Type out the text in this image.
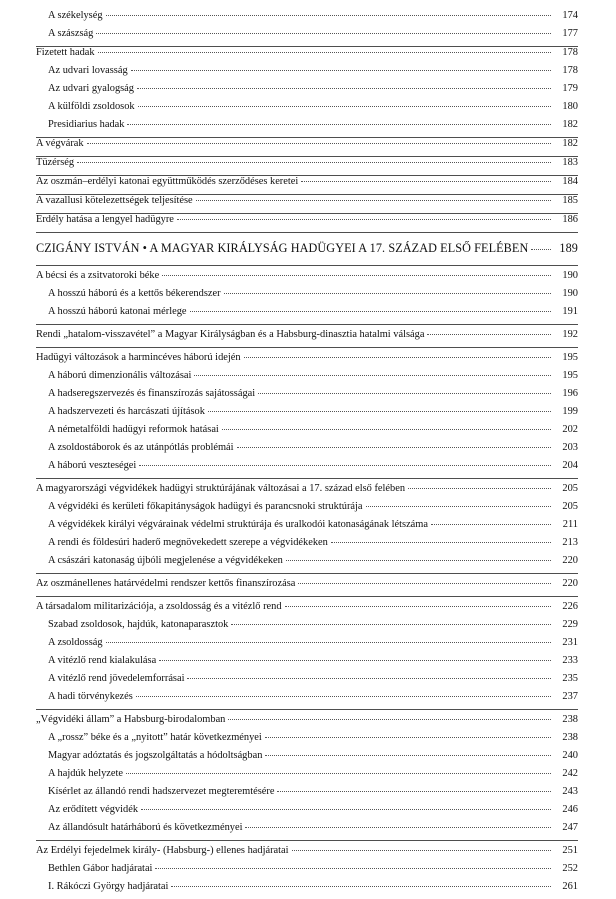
A székelység	174
A szászság	177
Fizetett hadak	178
Az udvari lovasság	178
Az udvari gyalogság	179
A külföldi zsoldosok	180
Presidiarius hadak	182
A végvárak	182
Tüzérség	183
Az oszmán–erdélyi katonai együttműködés szerződéses keretei	184
A vazallusi kötelezettségek teljesítése	185
Erdély hatása a lengyel hadügyre	186
CZIGÁNY ISTVÁN • A MAGYAR KIRÁLYSÁG HADÜGYEI A 17. SZÁZAD ELSŐ FELÉBEN	189
A bécsi és a zsitvatoroki béke	190
A hosszú háború és a kettős békerendszer	190
A hosszú háború katonai mérlege	191
Rendi „hatalom-visszavétel” a Magyar Királyságban és a Habsburg-dinasztia hatalmi válsága	192
Hadügyi változások a harmincéves háború idején	195
A háború dimenzionális változásai	195
A hadseregszervezés és finanszírozás sajátosságai	196
A hadszervezeti és harcászati újítások	199
A németalföldi hadügyi reformok hatásai	202
A zsoldostáborok és az utánpótlás problémái	203
A háború veszteségei	204
A magyarországi végvidékek hadügyi struktúrájának változásai a 17. század első felében	205
A végvidéki és kerületi főkapitányságok hadügyi és parancsnoki struktúrája	205
A végvidékek királyi végvárainak védelmi struktúrája és uralkodói katonaságának létszáma	211
A rendi és földesúri haderő megnövekedett szerepe a végvidékeken	213
A császári katonaság újbóli megjelenése a végvidékeken	220
Az oszmánellenes határvédelmi rendszer kettős finanszírozása	220
A társadalom militarizációja, a zsoldosság és a vitézlő rend	226
Szabad zsoldosok, hajdúk, katonaparasztok	229
A zsoldosság	231
A vitézlő rend kialakulása	233
A vitézlő rend jövedelemforrásai	235
A hadi törvénykezés	237
„Végvidéki állam” a Habsburg-birodalomban	238
A „rossz” béke és a „nyitott” határ következményei	238
Magyar adóztatás és jogszolgáltatás a hódoltságban	240
A hajdúk helyzete	242
Kísérlet az állandó rendi hadszervezet megteremtésére	243
Az erődített végvidék	246
Az állandósult határháború és következményei	247
Az Erdélyi fejedelmek király- (Habsburg-) ellenes hadjáratai	251
Bethlen Gábor hadjáratai	252
I. Rákóczi György hadjáratai	261
